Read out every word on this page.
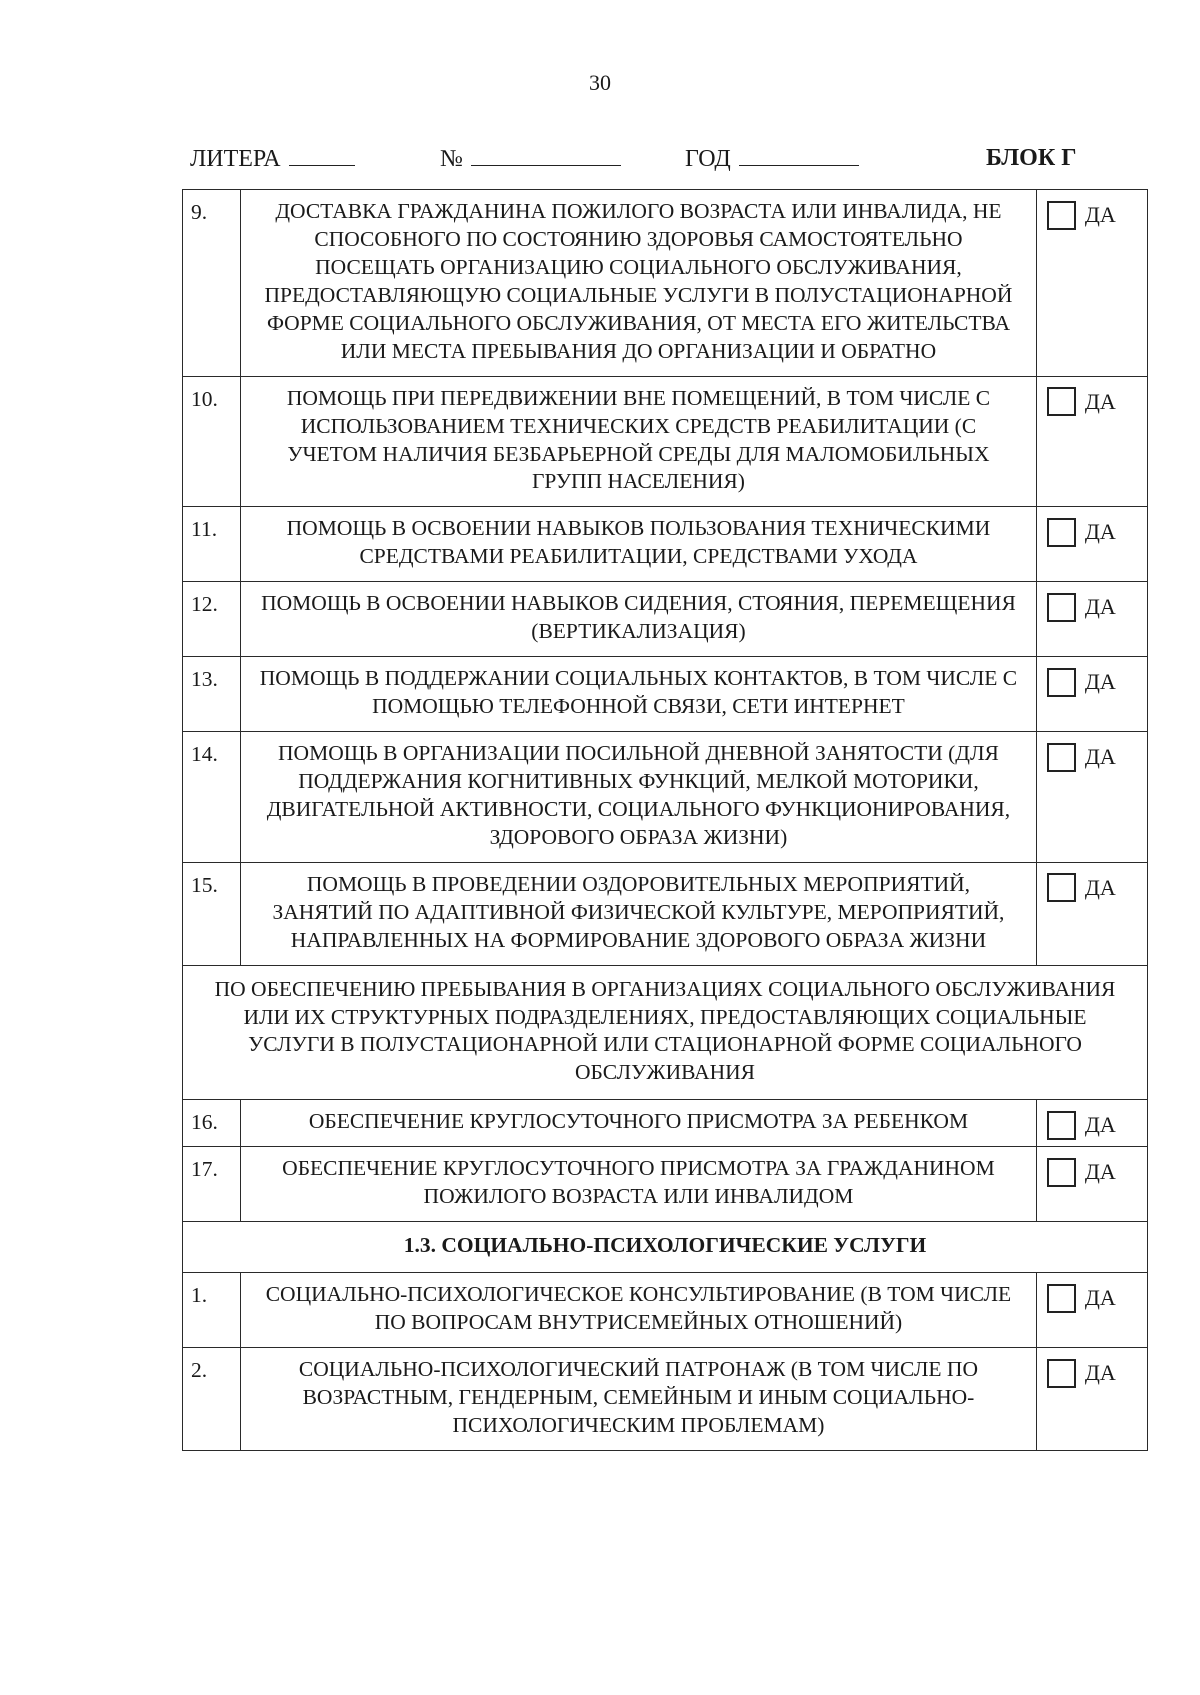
30
ЛИТЕРА	№	ГОД	БЛОК Г
9.	ДОСТАВКА ГРАЖДАНИНА ПОЖИЛОГО ВОЗРАСТА ИЛИ ИНВАЛИДА, НЕ СПОСОБНОГО ПО СОСТОЯНИЮ ЗДОРОВЬЯ САМОСТОЯТЕЛЬНО ПОСЕЩАТЬ ОРГАНИЗАЦИЮ СОЦИАЛЬНОГО ОБСЛУЖИВАНИЯ, ПРЕДОСТАВЛЯЮЩУЮ СОЦИАЛЬНЫЕ УСЛУГИ В ПОЛУСТАЦИОНАРНОЙ ФОРМЕ СОЦИАЛЬНОГО ОБСЛУЖИВАНИЯ, ОТ МЕСТА ЕГО ЖИТЕЛЬСТВА ИЛИ МЕСТА ПРЕБЫВАНИЯ ДО ОРГАНИЗАЦИИ И ОБРАТНО	ДА
10.	ПОМОЩЬ ПРИ ПЕРЕДВИЖЕНИИ ВНЕ ПОМЕЩЕНИЙ, В ТОМ ЧИСЛЕ С ИСПОЛЬЗОВАНИЕМ ТЕХНИЧЕСКИХ СРЕДСТВ РЕАБИЛИТАЦИИ (С УЧЕТОМ НАЛИЧИЯ БЕЗБАРЬЕРНОЙ СРЕДЫ ДЛЯ МАЛОМОБИЛЬНЫХ ГРУПП НАСЕЛЕНИЯ)	ДА
11.	ПОМОЩЬ В ОСВОЕНИИ НАВЫКОВ ПОЛЬЗОВАНИЯ ТЕХНИЧЕСКИМИ СРЕДСТВАМИ РЕАБИЛИТАЦИИ, СРЕДСТВАМИ УХОДА	ДА
12.	ПОМОЩЬ В ОСВОЕНИИ НАВЫКОВ СИДЕНИЯ, СТОЯНИЯ, ПЕРЕМЕЩЕНИЯ (ВЕРТИКАЛИЗАЦИЯ)	ДА
13.	ПОМОЩЬ В ПОДДЕРЖАНИИ СОЦИАЛЬНЫХ КОНТАКТОВ, В ТОМ ЧИСЛЕ С ПОМОЩЬЮ ТЕЛЕФОННОЙ СВЯЗИ, СЕТИ ИНТЕРНЕТ	ДА
14.	ПОМОЩЬ В ОРГАНИЗАЦИИ ПОСИЛЬНОЙ ДНЕВНОЙ ЗАНЯТОСТИ (ДЛЯ ПОДДЕРЖАНИЯ КОГНИТИВНЫХ ФУНКЦИЙ, МЕЛКОЙ МОТОРИКИ, ДВИГАТЕЛЬНОЙ АКТИВНОСТИ, СОЦИАЛЬНОГО ФУНКЦИОНИРОВАНИЯ, ЗДОРОВОГО ОБРАЗА ЖИЗНИ)	ДА
15.	ПОМОЩЬ В ПРОВЕДЕНИИ ОЗДОРОВИТЕЛЬНЫХ МЕРОПРИЯТИЙ, ЗАНЯТИЙ ПО АДАПТИВНОЙ ФИЗИЧЕСКОЙ КУЛЬТУРЕ, МЕРОПРИЯТИЙ, НАПРАВЛЕННЫХ НА ФОРМИРОВАНИЕ ЗДОРОВОГО ОБРАЗА ЖИЗНИ	ДА
ПО ОБЕСПЕЧЕНИЮ ПРЕБЫВАНИЯ В ОРГАНИЗАЦИЯХ СОЦИАЛЬНОГО ОБСЛУЖИВАНИЯ ИЛИ ИХ СТРУКТУРНЫХ ПОДРАЗДЕЛЕНИЯХ, ПРЕДОСТАВЛЯЮЩИХ СОЦИАЛЬНЫЕ УСЛУГИ В ПОЛУСТАЦИОНАРНОЙ ИЛИ СТАЦИОНАРНОЙ ФОРМЕ СОЦИАЛЬНОГО ОБСЛУЖИВАНИЯ		
16.	ОБЕСПЕЧЕНИЕ КРУГЛОСУТОЧНОГО ПРИСМОТРА ЗА РЕБЕНКОМ	ДА
17.	ОБЕСПЕЧЕНИЕ КРУГЛОСУТОЧНОГО ПРИСМОТРА ЗА ГРАЖДАНИНОМ ПОЖИЛОГО ВОЗРАСТА ИЛИ ИНВАЛИДОМ	ДА
1.3. СОЦИАЛЬНО-ПСИХОЛОГИЧЕСКИЕ УСЛУГИ		
1.	СОЦИАЛЬНО-ПСИХОЛОГИЧЕСКОЕ КОНСУЛЬТИРОВАНИЕ (В ТОМ ЧИСЛЕ ПО ВОПРОСАМ ВНУТРИСЕМЕЙНЫХ ОТНОШЕНИЙ)	ДА
2.	СОЦИАЛЬНО-ПСИХОЛОГИЧЕСКИЙ ПАТРОНАЖ (В ТОМ ЧИСЛЕ ПО ВОЗРАСТНЫМ, ГЕНДЕРНЫМ, СЕМЕЙНЫМ И ИНЫМ СОЦИАЛЬНО-ПСИХОЛОГИЧЕСКИМ ПРОБЛЕМАМ)	ДА
